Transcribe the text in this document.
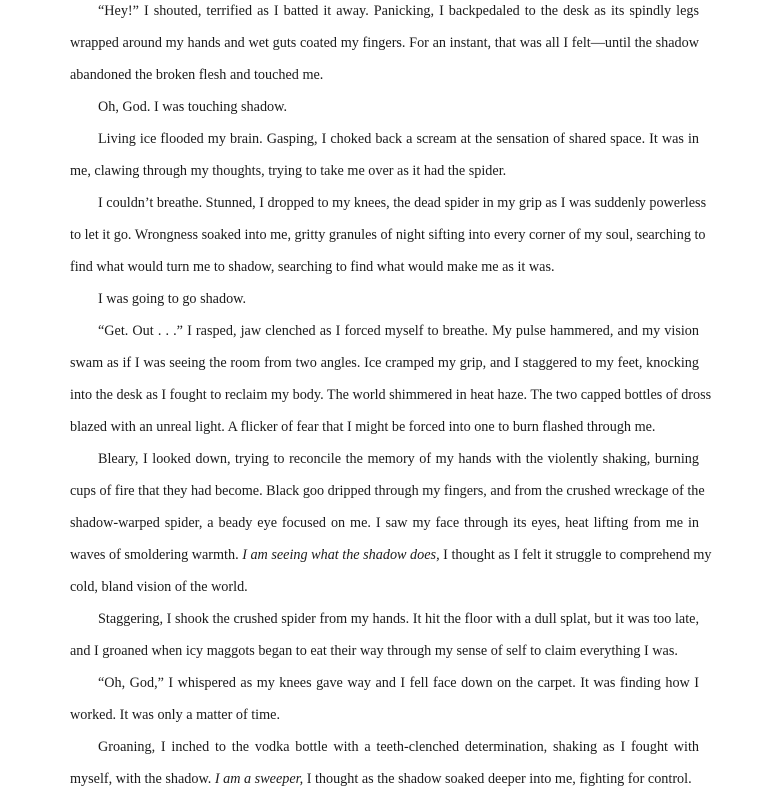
“Hey!” I shouted, terrified as I batted it away. Panicking, I backpedaled to the desk as its spindly legs
wrapped around my hands and wet guts coated my fingers. For an instant, that was all I felt—until the shadow
abandoned the broken flesh and touched me.
Oh, God. I was touching shadow.
Living ice flooded my brain. Gasping, I choked back a scream at the sensation of shared space. It was in
me, clawing through my thoughts, trying to take me over as it had the spider.
I couldn’t breathe. Stunned, I dropped to my knees, the dead spider in my grip as I was suddenly powerless
to let it go. Wrongness soaked into me, gritty granules of night sifting into every corner of my soul, searching to
find what would turn me to shadow, searching to find what would make me as it was.
I was going to go shadow.
“Get. Out . . .” I rasped, jaw clenched as I forced myself to breathe. My pulse hammered, and my vision
swam as if I was seeing the room from two angles. Ice cramped my grip, and I staggered to my feet, knocking
into the desk as I fought to reclaim my body. The world shimmered in heat haze. The two capped bottles of dross
blazed with an unreal light. A flicker of fear that I might be forced into one to burn flashed through me.
Bleary, I looked down, trying to reconcile the memory of my hands with the violently shaking, burning
cups of fire that they had become. Black goo dripped through my fingers, and from the crushed wreckage of the
shadow-warped spider, a beady eye focused on me. I saw my face through its eyes, heat lifting from me in
waves of smoldering warmth. I am seeing what the shadow does, I thought as I felt it struggle to comprehend my
cold, bland vision of the world.
Staggering, I shook the crushed spider from my hands. It hit the floor with a dull splat, but it was too late,
and I groaned when icy maggots began to eat their way through my sense of self to claim everything I was.
“Oh, God,” I whispered as my knees gave way and I fell face down on the carpet. It was finding how I
worked. It was only a matter of time.
Groaning, I inched to the vodka bottle with a teeth-clenched determination, shaking as I fought with
myself, with the shadow. I am a sweeper, I thought as the shadow soaked deeper into me, fighting for control.
